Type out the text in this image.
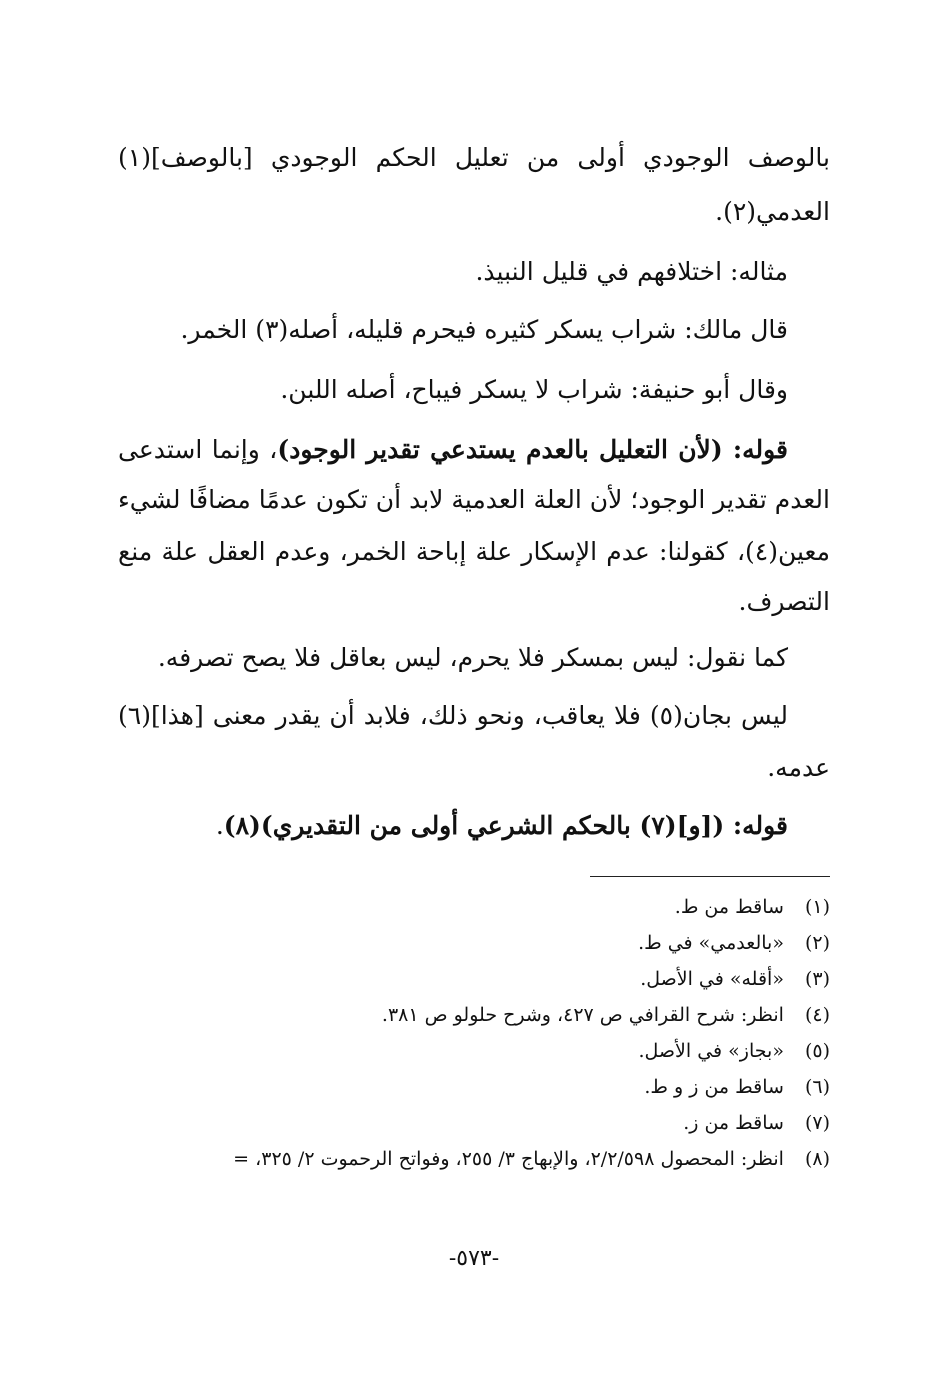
بالوصف الوجودي أولى من تعليل الحكم الوجودي [بالوصف](١)
العدمي(٢).
مثاله: اختلافهم في قليل النبيذ.
قال مالك: شراب يسكر كثيره فيحرم قليله، أصله(٣) الخمر.
وقال أبو حنيفة: شراب لا يسكر فيباح، أصله اللبن.
قوله: (لأن التعليل بالعدم يستدعي تقدير الوجود)، وإنما استدعى
العدم تقدير الوجود؛ لأن العلة العدمية لابد أن تكون عدمًا مضافًا لشيء
معين(٤)، كقولنا: عدم الإسكار علة إباحة الخمر، وعدم العقل علة منع
التصرف.
كما نقول: ليس بمسكر فلا يحرم، ليس بعاقل فلا يصح تصرفه.
ليس بجان(٥) فلا يعاقب، ونحو ذلك، فلابد أن يقدر معنى [هذا](٦)
عدمه.
قوله: ([و](٧) بالحكم الشرعي أولى من التقديري)(٨).
(١) ساقط من ط.
(٢) «بالعدمي» في ط.
(٣) «أقله» في الأصل.
(٤) انظر: شرح القرافي ص ٤٢٧، وشرح حلولو ص ٣٨١.
(٥) «بجاز» في الأصل.
(٦) ساقط من ز و ط.
(٧) ساقط من ز.
(٨) انظر: المحصول ٢/٢/٥٩٨، والإبهاج ٣/ ٢٥٥، وفواتح الرحموت ٢/ ٣٢٥، =
-٥٧٣-
